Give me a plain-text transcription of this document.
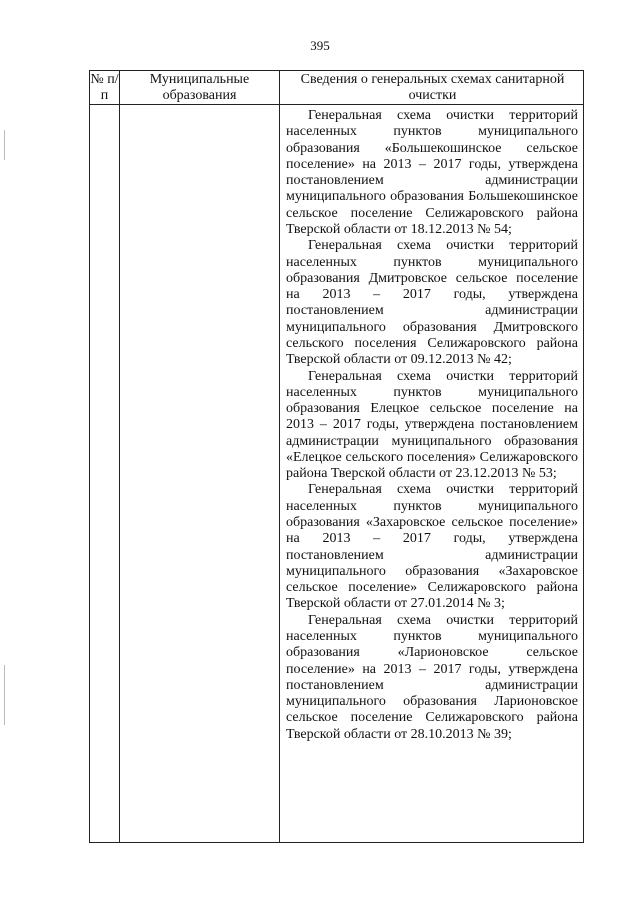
395
№ п/п
Муниципальные образования
Сведения о генеральных схемах санитарной очистки

Генеральная схема очистки территорий населенных пунктов муниципального образования «Большекошинское сельское поселение» на 2013 – 2017 годы, утверждена постановлением администрации муниципального образования Большекошинское сельское поселение Селижаровского района Тверской области от 18.12.2013 № 54;

Генеральная схема очистки территорий населенных пунктов муниципального образования Дмитровское сельское поселение на 2013 – 2017 годы, утверждена постановлением администрации муниципального образования Дмитровского сельского поселения Селижаровского района Тверской области от 09.12.2013 № 42;

Генеральная схема очистки территорий населенных пунктов муниципального образования Елецкое сельское поселение на 2013 – 2017 годы, утверждена постановлением администрации муниципального образования «Елецкое сельского поселения» Селижаровского района Тверской области от 23.12.2013 № 53;

Генеральная схема очистки территорий населенных пунктов муниципального образования «Захаровское сельское поселение» на 2013 – 2017 годы, утверждена постановлением администрации муниципального образования «Захаровское сельское поселение» Селижаровского района Тверской области от 27.01.2014 № 3;

Генеральная схема очистки территорий населенных пунктов муниципального образования «Ларионовское сельское поселение» на 2013 – 2017 годы, утверждена постановлением администрации муниципального образования Ларионовское сельское поселение Селижаровского района Тверской области от 28.10.2013 № 39;
